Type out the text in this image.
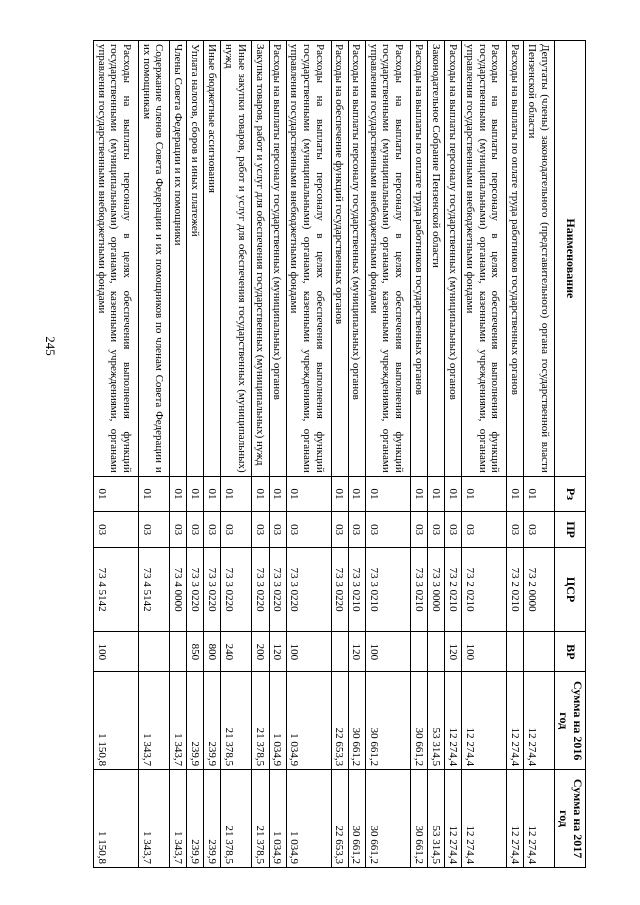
245
Наименование	Рз	ПР	ЦСР	ВР	Сумма на 2016 год	Сумма на 2017 год
Депутаты (члены) законодательного (представительного) органа государственной власти Пензенской области	01	03	73 2 0000		12 274,4	12 274,4
Расходы на выплаты по оплате труда работников государственных органов	01	03	73 2 0210		12 274,4	12 274,4
Расходы на выплаты персоналу в целях обеспечения выполнения функций государственными (муниципальными) органами, казенными учреждениями, органами управления государственными внебюджетными фондами	01	03	73 2 0210	100	12 274,4	12 274,4
Расходы на выплаты персоналу государственных (муниципальных) органов	01	03	73 2 0210	120	12 274,4	12 274,4
Законодательное Собрание Пензенской области	01	03	73 3 0000		53 314,5	53 314,5
Расходы на выплаты по оплате труда работников государственных органов	01	03	73 3 0210		30 661,2	30 661,2
Расходы на выплаты персоналу в целях обеспечения выполнения функций государственными (муниципальными) органами, казенными учреждениями, органами управления государственными внебюджетными фондами	01	03	73 3 0210	100	30 661,2	30 661,2
Расходы на выплаты персоналу государственных (муниципальных) органов	01	03	73 3 0210	120	30 661,2	30 661,2
Расходы на обеспечение функций государственных органов	01	03	73 3 0220		22 653,3	22 653,3
Расходы на выплаты персоналу в целях обеспечения выполнения функций государственными (муниципальными) органами, казенными учреждениями, органами управления государственными внебюджетными фондами	01	03	73 3 0220	100	1 034,9	1 034,9
Расходы на выплаты персоналу государственных (муниципальных) органов	01	03	73 3 0220	120	1 034,9	1 034,9
Закупка товаров, работ и услуг для обеспечения государственных (муниципальных) нужд	01	03	73 3 0220	200	21 378,5	21 378,5
Иные закупки товаров, работ и услуг для обеспечения государственных (муниципальных) нужд	01	03	73 3 0220	240	21 378,5	21 378,5
Иные бюджетные ассигнования	01	03	73 3 0220	800	239,9	239,9
Уплата налогов, сборов и иных платежей	01	03	73 3 0220	850	239,9	239,9
Члены Совета Федерации и их помощники	01	03	73 4 0000		1 343,7	1 343,7
Содержание членов Совета Федерации и их помощников по членам Совета Федерации и их помощникам	01	03	73 4 5142		1 343,7	1 343,7
Расходы на выплаты персоналу в целях обеспечения выполнения функций государственными (муниципальными) органами, казенными учреждениями, органами управления государственными внебюджетными фондами	01	03	73 4 5142	100	1 150,8	1 150,8
